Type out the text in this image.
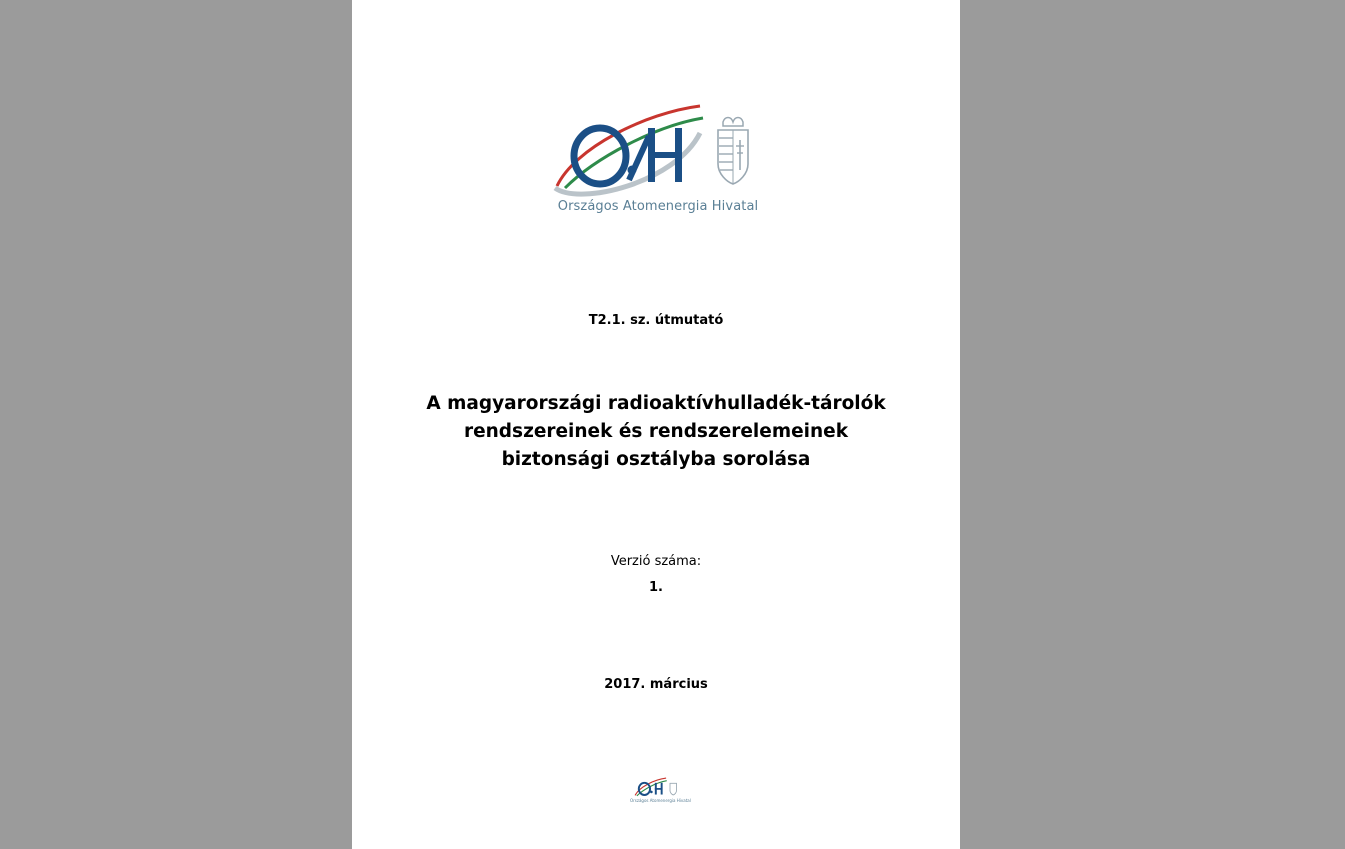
Országos Atomenergia Hivatal
T2.1. sz. útmutató
A magyarországi radioaktívhulladék-tárolók
rendszereinek és rendszerelemeinek
biztonsági osztályba sorolása
Verzió száma:
1.
2017. március
Országos Atomenergia Hivatal
